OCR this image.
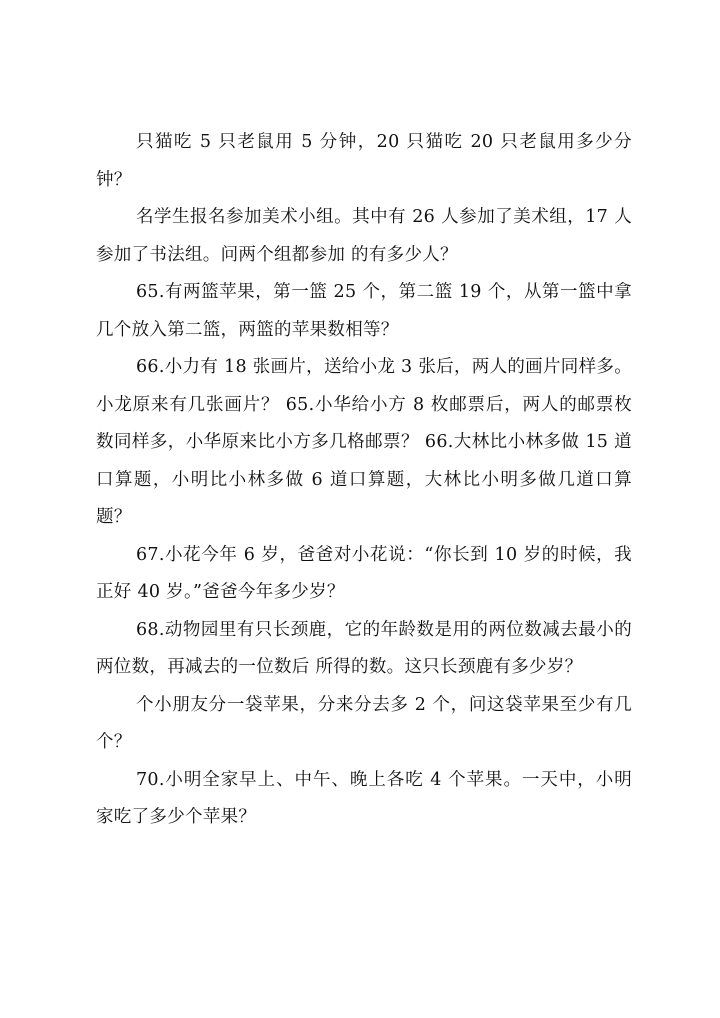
只猫吃 5 只老鼠用 5 分钟，20 只猫吃 20 只老鼠用多少分钟？

名学生报名参加美术小组。其中有 26 人参加了美术组，17 人参加了书法组。问两个组都参加 的有多少人？

65.有两篮苹果，第一篮 25 个，第二篮 19 个，从第一篮中拿几个放入第二篮，两篮的苹果数相等？

66.小力有 18 张画片，送给小龙 3 张后，两人的画片同样多。小龙原来有几张画片？ 65.小华给小方 8 枚邮票后，两人的邮票枚数同样多，小华原来比小方多几格邮票？ 66.大林比小林多做 15 道口算题，小明比小林多做 6 道口算题，大林比小明多做几道口算题？

67.小花今年 6 岁，爸爸对小花说：“你长到 10 岁的时候，我正好 40 岁。”爸爸今年多少岁？

68.动物园里有只长颈鹿，它的年龄数是用的两位数减去最小的两位数，再减去的一位数后 所得的数。这只长颈鹿有多少岁？

个小朋友分一袋苹果，分来分去多 2 个，问这袋苹果至少有几个？

70.小明全家早上、中午、晚上各吃 4 个苹果。一天中，小明家吃了多少个苹果？
